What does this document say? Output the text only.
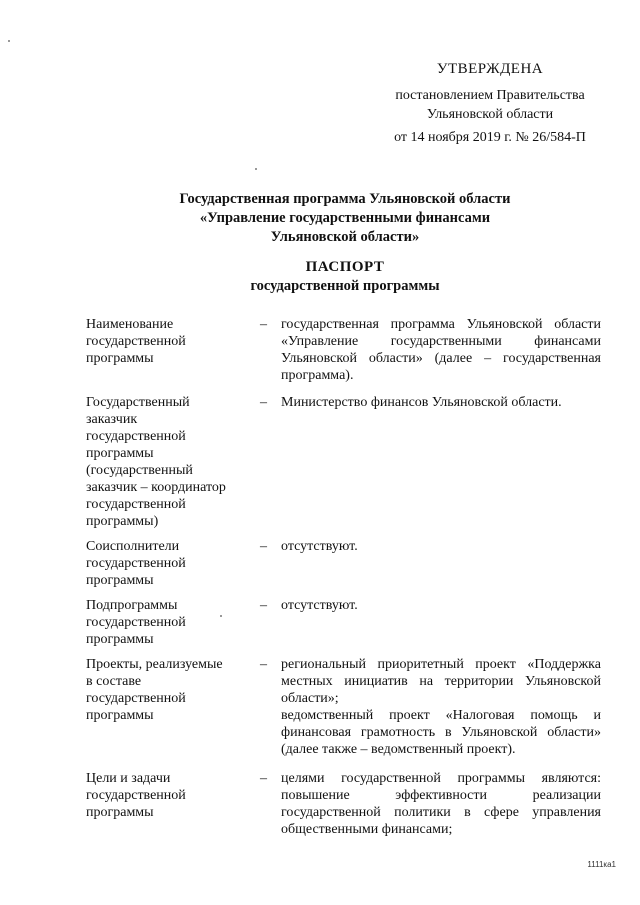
УТВЕРЖДЕНА
постановлением Правительства
Ульяновской области
от 14 ноября 2019 г. № 26/584-П
Государственная программа Ульяновской области
«Управление государственными финансами
Ульяновской области»
ПАСПОРТ
государственной программы
Наименование
государственной
программы
– государственная программа Ульяновской области «Управление государственными финансами Ульяновской области» (далее – государственная программа).

Государственный
заказчик
государственной
программы
(государственный
заказчик – координатор
государственной
программы)
– Министерство финансов Ульяновской области.

Соисполнители
государственной
программы
– отсутствуют.

Подпрограммы
государственной
программы
– отсутствуют.

Проекты, реализуемые
в составе
государственной
программы
– региональный приоритетный проект «Поддержка местных инициатив на территории Ульяновской области»;

ведомственный проект «Налоговая помощь и финансовая грамотность в Ульяновской области» (далее также – ведомственный проект).

Цели и задачи
государственной
программы
– целями государственной программы являются: повышение эффективности реализации государственной политики в сфере управления общественными финансами;

1111ка1
